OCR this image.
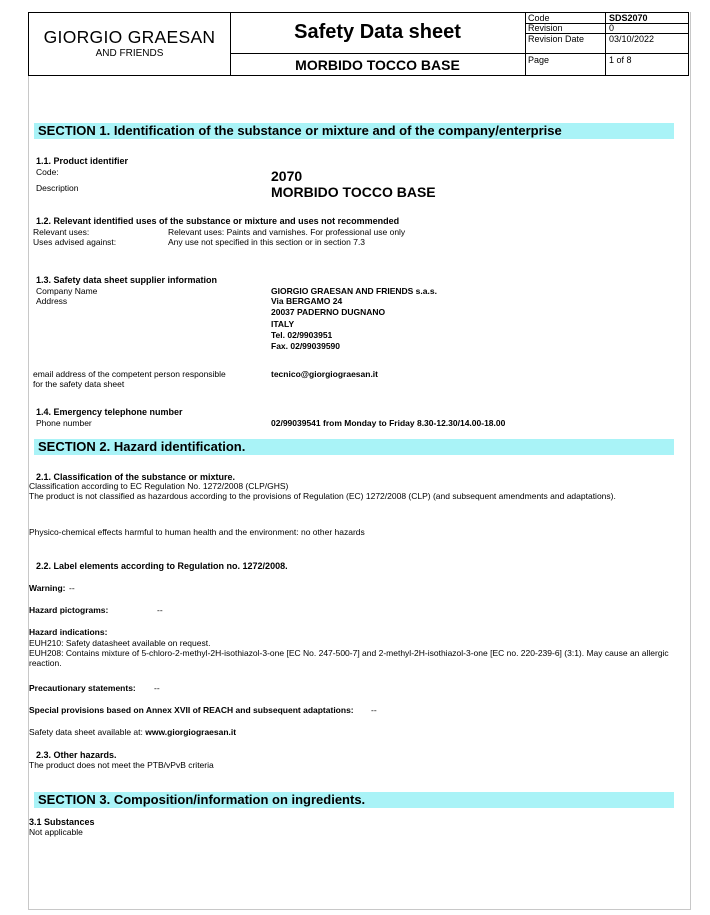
GIORGIO GRAESAN
AND FRIENDS
Safety Data sheet
MORBIDO TOCCO BASE
Code	SDS2070
Revision	0
Revision Date	03/10/2022
Page	1 of 8
SECTION 1. Identification of the substance or mixture and of the company/enterprise
1.1. Product identifier
Code:	2070
Description	MORBIDO TOCCO BASE
1.2. Relevant identified uses of the substance or mixture and uses not recommended
Relevant uses:	Relevant uses: Paints and varnishes. For professional use only
Uses advised against:	Any use not specified in this section or in section 7.3
1.3. Safety data sheet supplier information
Company Name	GIORGIO GRAESAN AND FRIENDS s.a.s.
Address	Via BERGAMO 24
20037 PADERNO DUGNANO
ITALY
Tel. 02/9903951
Fax. 02/99039590
email address of the competent person responsible
for the safety data sheet
tecnico@giorgiograesan.it
1.4. Emergency telephone number
Phone number	02/99039541 from Monday to Friday 8.30-12.30/14.00-18.00
SECTION 2. Hazard identification.
2.1. Classification of the substance or mixture.
Classification according to EC Regulation No. 1272/2008 (CLP/GHS)
The product is not classified as hazardous according to the provisions of Regulation (EC) 1272/2008 (CLP) (and subsequent amendments and adaptations).
Physico-chemical effects harmful to human health and the environment: no other hazards
2.2. Label elements according to Regulation no. 1272/2008.
Warning: --
Hazard pictograms:	--
Hazard indications:
EUH210: Safety datasheet available on request.
EUH208: Contains mixture of 5-chloro-2-methyl-2H-isothiazol-3-one [EC No. 247-500-7] and 2-methyl-2H-isothiazol-3-one [EC no. 220-239-6] (3:1). May cause an allergic reaction.
Precautionary statements: --
Special provisions based on Annex XVII of REACH and subsequent adaptations: --
Safety data sheet available at: www.giorgiograesan.it
2.3. Other hazards.
The product does not meet the PTB/vPvB criteria
SECTION 3. Composition/information on ingredients.
3.1 Substances
Not applicable
